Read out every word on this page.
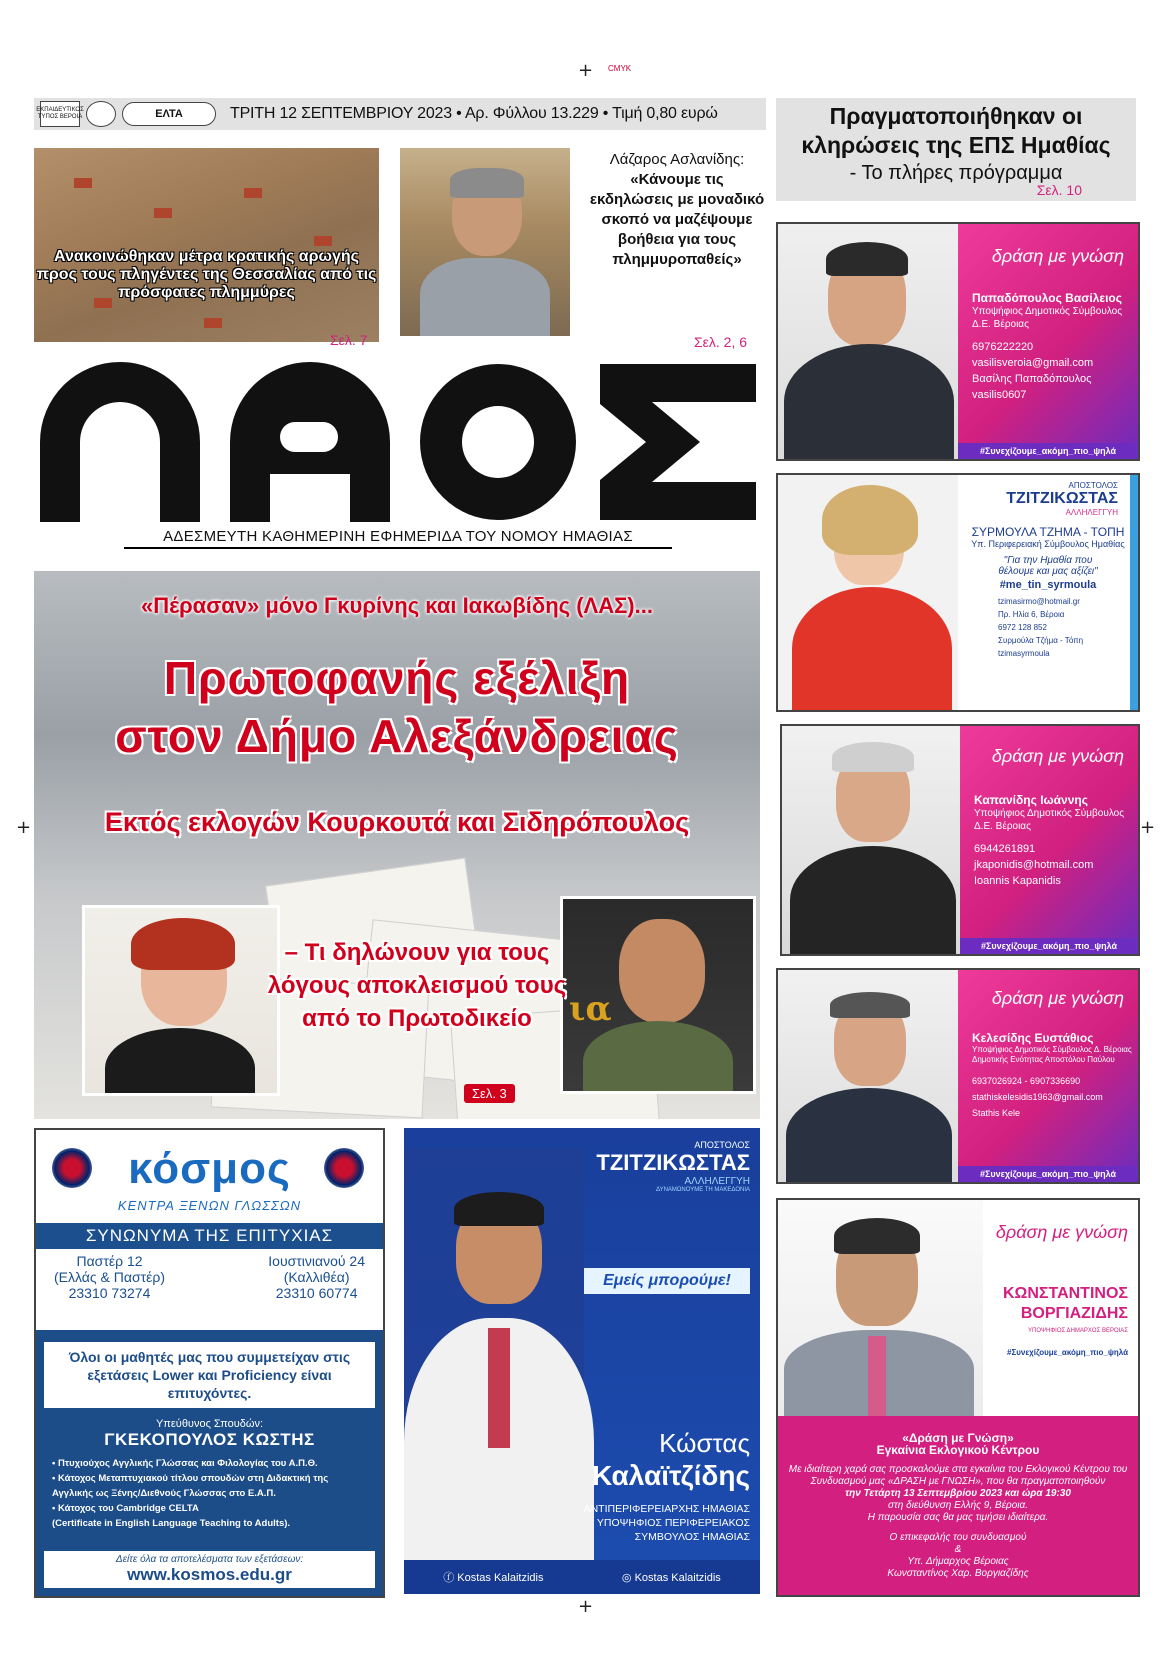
+ CMYK
+	+
+
ΕΚΠΑΙΔΕΥΤΙΚΟΣ ΤΥΠΟΣ ΒΕΡΟΙΑ	ΕΛΤΑ	ΤΡΙΤΗ 12 ΣΕΠΤΕΜΒΡΙΟΥ 2023 • Αρ. Φύλλου 13.229 • Τιμή 0,80 ευρώ	Πραγματοποιήθηκαν οι κληρώσεις της ΕΠΣ Ημαθίας
- Το πλήρες πρόγραμμα
Σελ. 10
Ανακοινώθηκαν μέτρα κρατικής αρωγής προς τους πληγέντες της Θεσσαλίας από τις πρόσφατες πλημμύρες
Σελ. 7
Λάζαρος Ασλανίδης:
«Κάνουμε τις εκδηλώσεις με μοναδικό σκοπό να μαζέψουμε βοήθεια για τους πλημμυροπαθείς»
Σελ. 2, 6
ΑΔΕΣΜΕΥΤΗ ΚΑΘΗΜΕΡΙΝΗ ΕΦΗΜΕΡΙΔΑ ΤΟΥ ΝΟΜΟΥ ΗΜΑΘΙΑΣ
«Πέρασαν» μόνο Γκυρίνης και Ιακωβίδης (ΛΑΣ)...
Πρωτοφανής εξέλιξη
στον Δήμο Αλεξάνδρειας
Εκτός εκλογών Κουρκουτά και Σιδηρόπουλος
ια
– Τι δηλώνουν για τους λόγους αποκλεισμού τους από το Πρωτοδικείο
Σελ. 3
δράση με γνώση
Παπαδόπουλος Βασίλειος
Υποψήφιος Δημοτικός Σύμβουλος
Δ.Ε. Βέροιας
6976222220
vasilisveroia@gmail.com
Βασίλης Παπαδόπουλος
vasilis0607
#Συνεχίζουμε_ακόμη_πιο_ψηλά
ΑΠΟΣΤΟΛΟΣ
ΤΖΙΤΖΙΚΩΣΤΑΣ
ΑΛΛΗΛΕΓΓΥΗ
ΣΥΡΜΟΥΛΑ ΤΖΗΜΑ - ΤΟΠΗ
Υπ. Περιφερειακή Σύμβουλος Ημαθίας
"Για την Ημαθία που
θέλουμε και μας αξίζει"
#me_tin_syrmoula
tzimasirmo@hotmail.gr
Πρ. Ηλία 6, Βέροια
6972 128 852
Συρμούλα Τζήμα - Τόπη
tzimasyrmoula
δράση με γνώση
Καπανίδης Ιωάννης
Υποψήφιος Δημοτικός Σύμβουλος
Δ.Ε. Βέροιας
6944261891
jkaponidis@hotmail.com
Ioannis Kapanidis
#Συνεχίζουμε_ακόμη_πιο_ψηλά
δράση με γνώση
Κελεσίδης Ευστάθιος
Υποψήφιος Δημοτικός Σύμβουλος Δ. Βέροιας
Δημοτικής Ενότητας Αποστόλου Παύλου
6937026924 - 6907336690
stathiskelesidis1963@gmail.com
Stathis Kele
#Συνεχίζουμε_ακόμη_πιο_ψηλά
κόσμος
ΚΕΝΤΡΑ ΞΕΝΩΝ ΓΛΩΣΣΩΝ
ΣΥΝΩΝΥΜΑ ΤΗΣ ΕΠΙΤΥΧΙΑΣ
Παστέρ 12
(Ελλάς & Παστέρ)
23310 73274
Ιουστινιανού 24
(Καλλιθέα)
23310 60774
Όλοι οι μαθητές μας που συμμετείχαν στις εξετάσεις Lower και Proficiency είναι επιτυχόντες.
Υπεύθυνος Σπουδών:
ΓΚΕΚΟΠΟΥΛΟΣ ΚΩΣΤΗΣ
• Πτυχιούχος Αγγλικής Γλώσσας και Φιλολογίας του Α.Π.Θ.
• Κάτοχος Μεταπτυχιακού τίτλου σπουδών στη Διδακτική της Αγγλικής ως Ξένης/Διεθνούς Γλώσσας στο Ε.Α.Π.
• Κάτοχος του Cambridge CELTA
(Certificate in English Language Teaching to Adults).
Δείτε όλα τα αποτελέσματα των εξετάσεων:
www.kosmos.edu.gr
ΑΠΟΣΤΟΛΟΣ
ΤΖΙΤΖΙΚΩΣΤΑΣ
ΑΛΛΗΛΕΓΓΥΗ
ΔΥΝΑΜΩΝΟΥΜΕ ΤΗ ΜΑΚΕΔΟΝΙΑ
Εμείς μπορούμε!
Κώστας
Καλαϊτζίδης
ΑΝΤΙΠΕΡΙΦΕΡΕΙΑΡΧΗΣ ΗΜΑΘΙΑΣ
ΥΠΟΨΗΦΙΟΣ ΠΕΡΙΦΕΡΕΙΑΚΟΣ
ΣΥΜΒΟΥΛΟΣ ΗΜΑΘΙΑΣ
ⓕ Kostas Kalaitzidis	◎ Kostas Kalaitzidis
δράση με γνώση
ΚΩΝΣΤΑΝΤΙΝΟΣ
ΒΟΡΓΙΑΖΙΔΗΣ
ΥΠΟΨΗΦΙΟΣ ΔΗΜΑΡΧΟΣ ΒΕΡΟΙΑΣ
#Συνεχίζουμε_ακόμη_πιο_ψηλά
«Δράση με Γνώση»
Εγκαίνια Εκλογικού Κέντρου
Με ιδιαίτερη χαρά σας προσκαλούμε στα εγκαίνια του Εκλογικού Κέντρου του Συνδυασμού μας «ΔΡΑΣΗ με ΓΝΩΣΗ», που θα πραγματοποιηθούν
την Τετάρτη 13 Σεπτεμβρίου 2023 και ώρα 19:30
στη διεύθυνση Ελλής 9, Βέροια.
Η παρουσία σας θα μας τιμήσει ιδιαίτερα.
Ο επικεφαλής του συνδυασμού
&
Υπ. Δήμαρχος Βέροιας
Κωνσταντίνος Χαρ. Βοργιαζίδης
